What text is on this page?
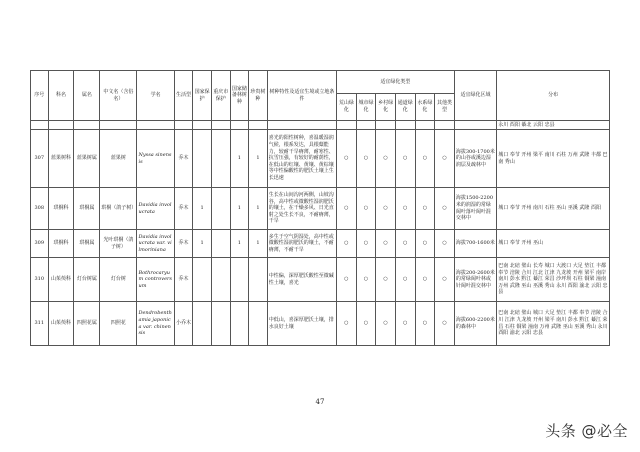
序号	科名	属名	中文名（含俗名）	学名	生活型	国家保护	重庆市保护	国家储备林树种	珍贵树种	树种特性及适宜生境或立地条件	适宜绿化类型						适宜绿化区域	分布
											荒山绿化	城市绿化	乡村绿化	通道绿化	水系绿化	其他类型		
																		永川 酉阳 綦北 云阳 忠县
307	蓝果树科	蓝果树属	蓝果树	Nyssa sinensis	乔木			1	1	喜光的阳性树种，喜温暖湿润气候，根系发达，具根蘖能力，较耐干旱瘠薄，耐寒性、抗雪压强，有较好的耐荫性，在低山的红壤、黄壤、黄棕壤等中性偏酸性的肥沃土壤上生长迅速	○	○	○	○	○	○	海拔300-1700米的山谷或溪边湿润层及疏林中	城口 奉节 开州 梁平 南川 石柱 万州 武隆 丰都 巴南 秀山
308	珙桐科	珙桐属	珙桐（鸽子树）	Davidia involucrata	乔木	1		1	1	生长在山间沟河两侧，山坡沟谷，高中性或微酸性湿润肥沃的壤土，在干燥多风、日光直射之处生长不良，不耐瘠薄，干旱	○	○	○	○	○	○	海拔1500-2200米的润湿的常绿阔叶落叶阔叶混交林中	城口 奉节 开州 南川 石柱 巫山 巫溪 武隆 酉阳
309	珙桐科	珙桐属	光叶珙桐（鸽子树）	Davidia involucrata var. vilmoriniana	乔木	1		1	1	多生于空气阴湿处，高中性或微酸性湿润肥沃的壤土，不耐瘠薄，不耐干旱	○	○	○	○	○	○	海拔700-1600米	城口 奉节 开州 巫山
310	山茱萸科	灯台树属	灯台树	Bothrocaryum controversum	乔木					中性偏，深厚肥沃酸性至微碱性土壤，喜光	○	○	○	○	○	○	海拔200-2600米的常绿阔叶林或针阔叶混交林中	巴南 北碚 璧山 长寿 城口 大渡口 大足 垫江 丰都 奉节 涪陵 合川 江北 江津 九龙坡 开州 梁平 南岸 南川 彭水 黔江 綦江 荣昌 沙坪坝 石柱 铜梁 潼南 万州 武隆 巫山 巫溪 秀山 永川 酉阳 渝北 云阳 忠县
311	山茱萸科	四照花属	四照花	Dendrobenthamia japonica var. chinensis	小乔木					中低山，喜深厚肥沃土壤，排水良好土壤	○	○	○	○	○	○	海拔600-2200米的森林中	巴南 北碚 璧山 城口 大足 垫江 丰都 奉节 涪陵 合川 江津 九龙坡 开州 梁平 南川 彭水 黔江 綦江 荣昌 石柱 铜梁 潼南 万州 武隆 巫山 巫溪 秀山 永川 酉阳 渝北 云阳 忠县
47
头条 @必全
